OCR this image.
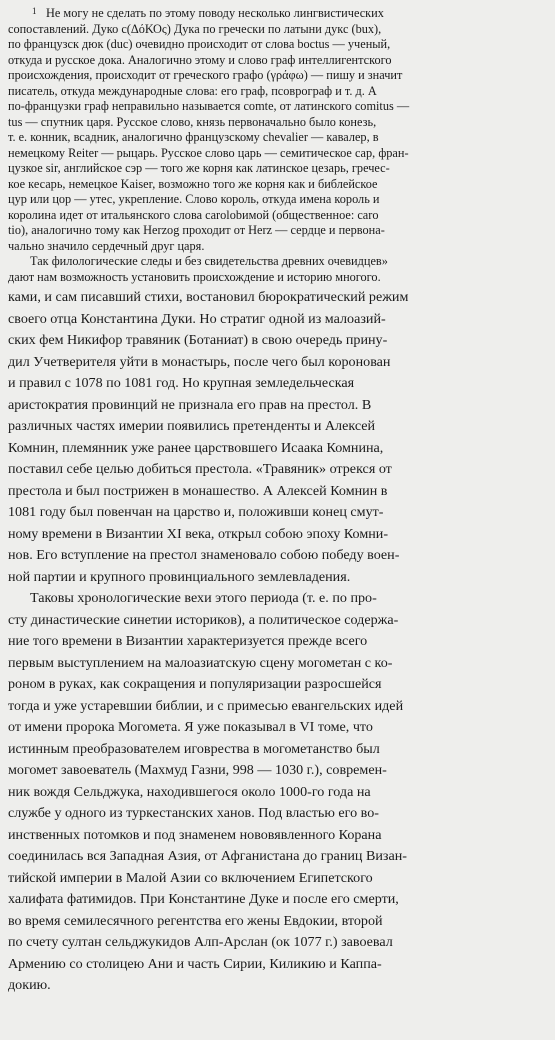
1 Не могу не сделать по этому поводу несколько лингвистических
сопоставлений. Дуко с(ΔόΚΟς) Дука по гречески по латыни дукс (bux),
по французск дюк (duc) очевидно происходит от слова boctus — ученый,
откуда и русское дока. Аналогично этому и слово граф интеллигентского
происхождения, происходит от греческого графо (γράφω) — пишу и значит
писатель, откуда международные слова: его граф, псоврограф и т. д. А
по-французки граф неправильно называется comte, от латинского comitus —
tus — спутник царя. Русское слово, князь первоначально было конезь,
т. е. конник, всадник, аналогично французскому chevalier — кавалер, в
немецкому Reiter — рыцарь. Русское слово царь — семитическое сар, фран-
цузкое sir, английское сэр — того же корня как латинское цезарь, гречес-
кое кесарь, немецкое Kaiser, возможно того же корня как и библейское
цур или цор — утес, укрепление. Слово король, откуда имена король и
королина идет от итальянского слова carolobимой (общественное: caro
tio), аналогично тому как Herzog проходит от Herz — сердце и первона-
чально значило сердечный друг царя.
Так филологические следы и без свидетельства древних очевидцев»
дают нам возможность установить происхождение и историю многого.
ками, и сам писавший стихи, востановил бюрократический режим
своего отца Константина Дуки. Но стратиг одной из малоазий-
ских фем Никифор травяник (Ботаниат) в свою очередь прину-
дил Учетверителя уйти в монастырь, после чего был коронован
и правил с 1078 по 1081 год. Но крупная земледельческая
аристократия провинций не признала его прав на престол. В
различных частях имерии появились претенденты и Алексей
Комнин, племянник уже ранее царствовшего Исаака Комнина,
поставил себе целью добиться престола. «Травяник» отрекся от
престола и был пострижен в монашество. А Алексей Комнин в
1081 году был повенчан на царство и, положивши конец смут-
ному времени в Византии XI века, открыл собою эпоху Комни-
нов. Его вступление на престол знаменовало собою победу воен-
ной партии и крупного провинциального землевладения.
Таковы хронологические вехи этого периода (т. е. по про-
сту династические синетии историков), а политическое содержа-
ние того времени в Византии характеризуется прежде всего
первым выступлением на малоазиатскую сцену могометан с ко-
роном в руках, как сокращения и популяризации разросшейся
тогда и уже устаревшии библии, и с примесью евангельских идей
от имени пророка Могомета. Я уже показывал в VI томе, что
истинным преобразователем иговрества в могометанство был
могомет завоеватель (Махмуд Газни, 998 — 1030 г.), современ-
ник вождя Сельджука, находившегося около 1000-го года на
службе у одного из туркестанских ханов. Под властью его во-
инственных потомков и под знаменем нововявленного Корана
соединилась вся Западная Азия, от Афганистана до границ Визан-
тийской империи в Малой Азии со включением Египетского
халифата фатимидов. При Константине Дуке и после его смерти,
во время семилесячного регентства его жены Евдокии, второй
по счету султан сельджукидов Алп-Арслан (ок 1077 г.) завоевал
Армению со столицею Ани и часть Сирии, Киликию и Каппа-
докию.
